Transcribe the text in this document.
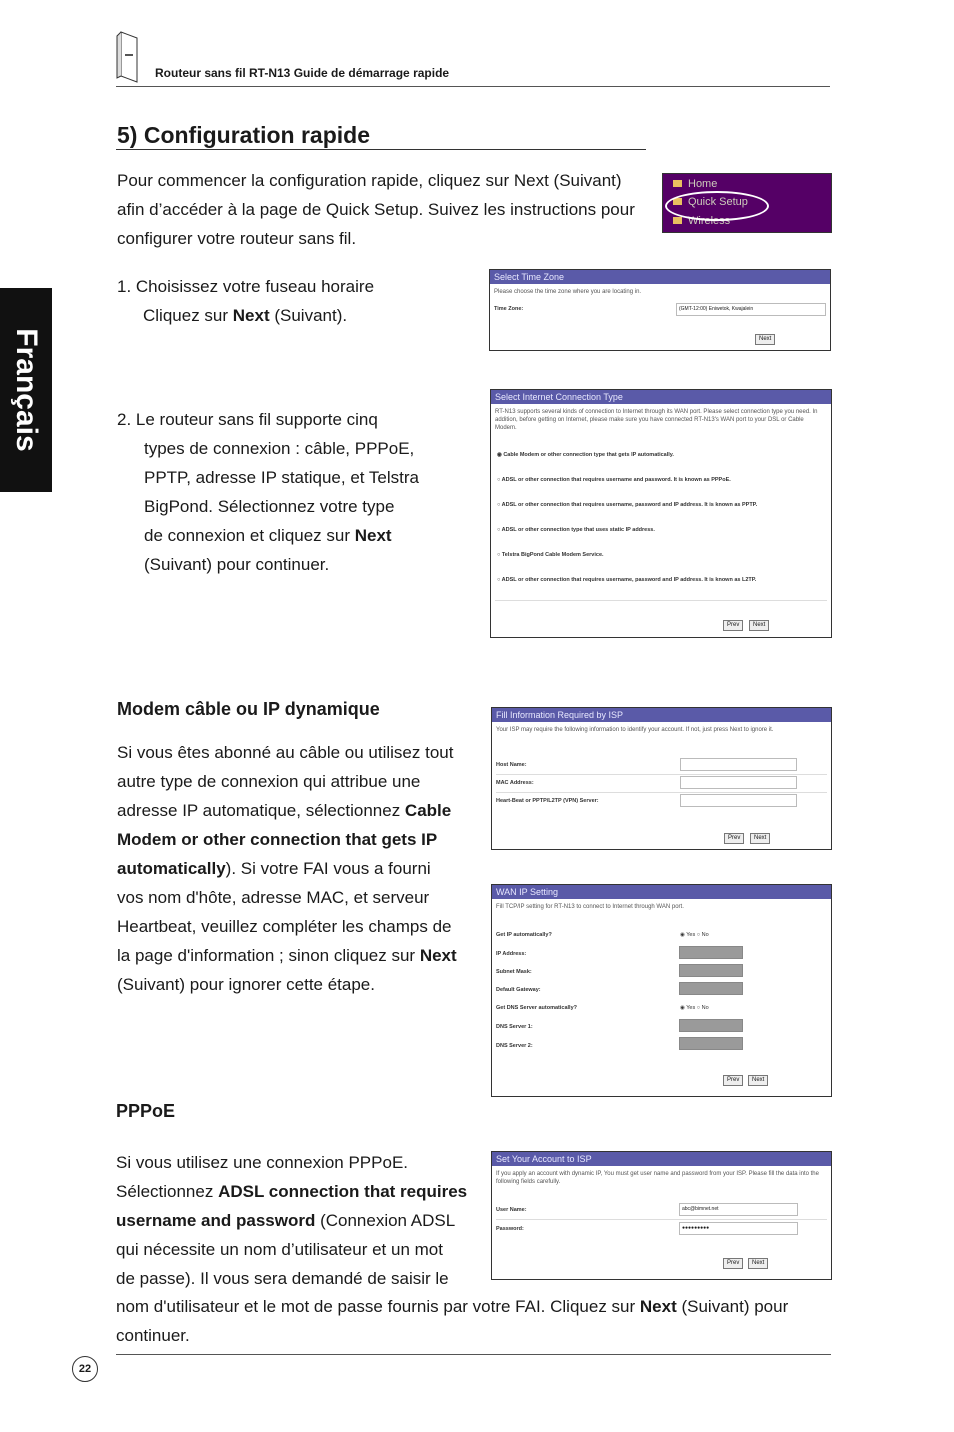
Routeur sans fil RT-N13 Guide de démarrage rapide
Français
5) Configuration rapide
Pour commencer la configuration rapide, cliquez sur Next (Suivant) afin d’accéder à la page de Quick Setup. Suivez les instructions pour configurer votre routeur sans fil.
Home
Quick Setup
Wireless
1. Choisissez votre fuseau horaire
Cliquez sur Next (Suivant).
Select Time Zone
Please choose the time zone where you are locating in.
Time Zone:	(GMT-12:00) Eniwetok, Kwajalein
Next
2. Le routeur sans fil supporte cinq
types de connexion : câble, PPPoE,
PPTP, adresse IP statique, et Telstra
BigPond. Sélectionnez votre type
de connexion et cliquez sur Next
(Suivant) pour continuer.
Select Internet Connection Type
RT-N13 supports several kinds of connection to Internet through its WAN port. Please select connection type you need. In addition, before getting on Internet, please make sure you have connected RT-N13's WAN port to your DSL or Cable Modem.
◉ Cable Modem or other connection type that gets IP automatically.
○ ADSL or other connection that requires username and password. It is known as PPPoE.
○ ADSL or other connection that requires username, password and IP address. It is known as PPTP.
○ ADSL or other connection type that uses static IP address.
○ Telstra BigPond Cable Modem Service.
○ ADSL or other connection that requires username, password and IP address. It is known as L2TP.
Prev	Next
Modem câble ou IP dynamique
Si vous êtes abonné au câble ou utilisez tout
autre type de connexion qui attribue une
adresse IP automatique, sélectionnez Cable
Modem or other connection that gets IP
automatically). Si votre FAI vous a fourni
vos nom d'hôte, adresse MAC, et serveur
Heartbeat, veuillez compléter les champs de
la page d'information ; sinon cliquez sur Next
(Suivant) pour ignorer cette étape.
Fill Information Required by ISP
Your ISP may require the following information to identify your account. If not, just press Next to ignore it.
Host Name:
MAC Address:
Heart-Beat or PPTP/L2TP (VPN) Server:
Prev	Next
WAN IP Setting
Fill TCP/IP setting for RT-N13 to connect to Internet through WAN port.
Get IP automatically?	◉ Yes ○ No
IP Address:
Subnet Mask:
Default Gateway:
Get DNS Server automatically?	◉ Yes ○ No
DNS Server 1:
DNS Server 2:
Prev	Next
PPPoE
Si vous utilisez une connexion PPPoE.
Sélectionnez ADSL connection that requires
username and password (Connexion ADSL
qui nécessite un nom d’utilisateur et un mot
de passe). Il vous sera demandé de saisir le
nom d'utilisateur et le mot de passe fournis par votre FAI. Cliquez sur Next (Suivant) pour
continuer.
Set Your Account to ISP
If you apply an account with dynamic IP, You must get user name and password from your ISP. Please fill the data into the following fields carefully.
User Name:	abc@bimnet.net
Password:	●●●●●●●●●
Prev	Next
22
